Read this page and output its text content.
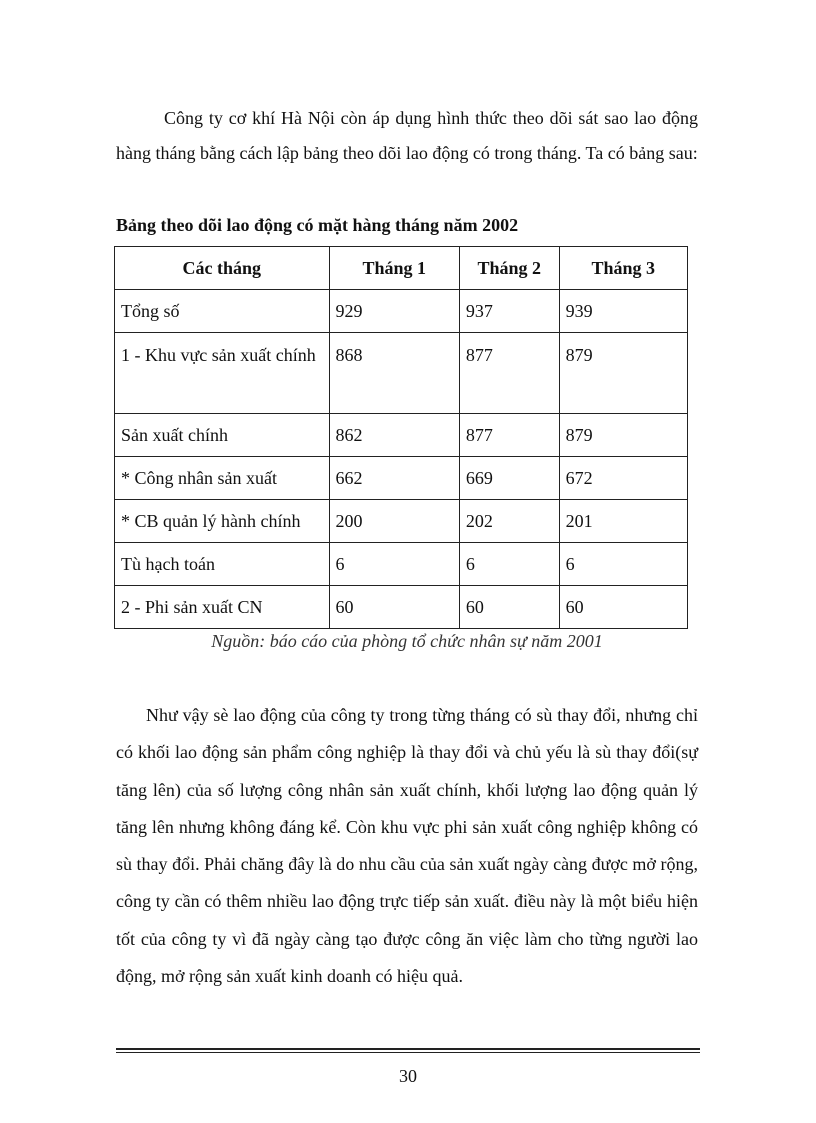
Công ty cơ khí Hà Nội còn áp dụng hình thức theo dõi sát sao lao động hàng tháng bằng cách lập bảng theo dõi lao động có trong tháng. Ta có bảng sau:

Bảng theo dõi lao động có mặt hàng tháng năm 2002

Các tháng	Tháng 1	Tháng 2	Tháng 3
Tổng số	929	937	939
1 - Khu vực sản xuất chính	868	877	879
Sản xuất chính	862	877	879
* Công nhân sản xuất	662	669	672
* CB quản lý hành chính	200	202	201
Tù hạch toán	6	6	6
2 - Phi sản xuất CN	60	60	60

Nguồn: báo cáo của phòng tổ chức nhân sự năm 2001

Như vậy sè lao động của công ty trong từng tháng có sù thay đổi, nhưng chỉ có khối lao động sản phẩm công nghiệp là thay đổi và chủ yếu là sù thay đổi(sự tăng lên) của số lượng công nhân sản xuất chính, khối lượng lao động quản lý tăng lên nhưng không đáng kể. Còn khu vực phi sản xuất công nghiệp không có sù thay đổi. Phải chăng đây là do nhu cầu của sản xuất ngày càng được mở rộng, công ty cần có thêm nhiều lao động trực tiếp sản xuất. điều này là một biểu hiện tốt của công ty vì đã ngày càng tạo được công ăn việc làm cho từng người lao động, mở rộng sản xuất kinh doanh có hiệu quả.

30
